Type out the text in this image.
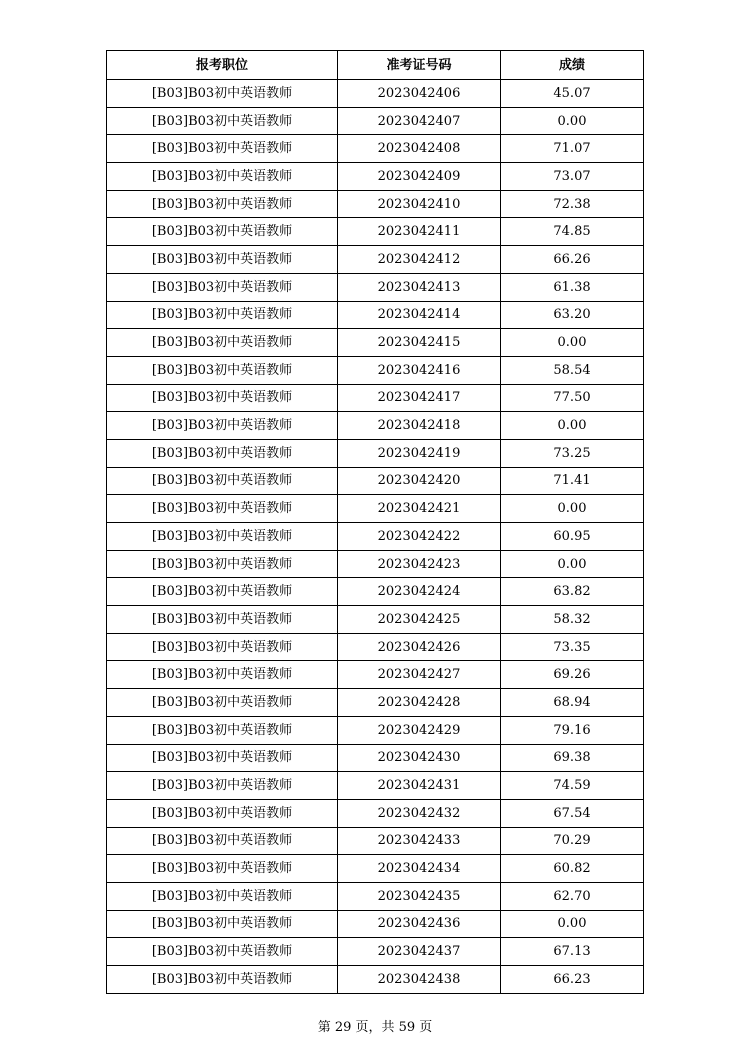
报考职位	准考证号码	成绩
[B03]B03初中英语教师	2023042406	45.07
[B03]B03初中英语教师	2023042407	0.00
[B03]B03初中英语教师	2023042408	71.07
[B03]B03初中英语教师	2023042409	73.07
[B03]B03初中英语教师	2023042410	72.38
[B03]B03初中英语教师	2023042411	74.85
[B03]B03初中英语教师	2023042412	66.26
[B03]B03初中英语教师	2023042413	61.38
[B03]B03初中英语教师	2023042414	63.20
[B03]B03初中英语教师	2023042415	0.00
[B03]B03初中英语教师	2023042416	58.54
[B03]B03初中英语教师	2023042417	77.50
[B03]B03初中英语教师	2023042418	0.00
[B03]B03初中英语教师	2023042419	73.25
[B03]B03初中英语教师	2023042420	71.41
[B03]B03初中英语教师	2023042421	0.00
[B03]B03初中英语教师	2023042422	60.95
[B03]B03初中英语教师	2023042423	0.00
[B03]B03初中英语教师	2023042424	63.82
[B03]B03初中英语教师	2023042425	58.32
[B03]B03初中英语教师	2023042426	73.35
[B03]B03初中英语教师	2023042427	69.26
[B03]B03初中英语教师	2023042428	68.94
[B03]B03初中英语教师	2023042429	79.16
[B03]B03初中英语教师	2023042430	69.38
[B03]B03初中英语教师	2023042431	74.59
[B03]B03初中英语教师	2023042432	67.54
[B03]B03初中英语教师	2023042433	70.29
[B03]B03初中英语教师	2023042434	60.82
[B03]B03初中英语教师	2023042435	62.70
[B03]B03初中英语教师	2023042436	0.00
[B03]B03初中英语教师	2023042437	67.13
[B03]B03初中英语教师	2023042438	66.23
第 29 页，共 59 页
